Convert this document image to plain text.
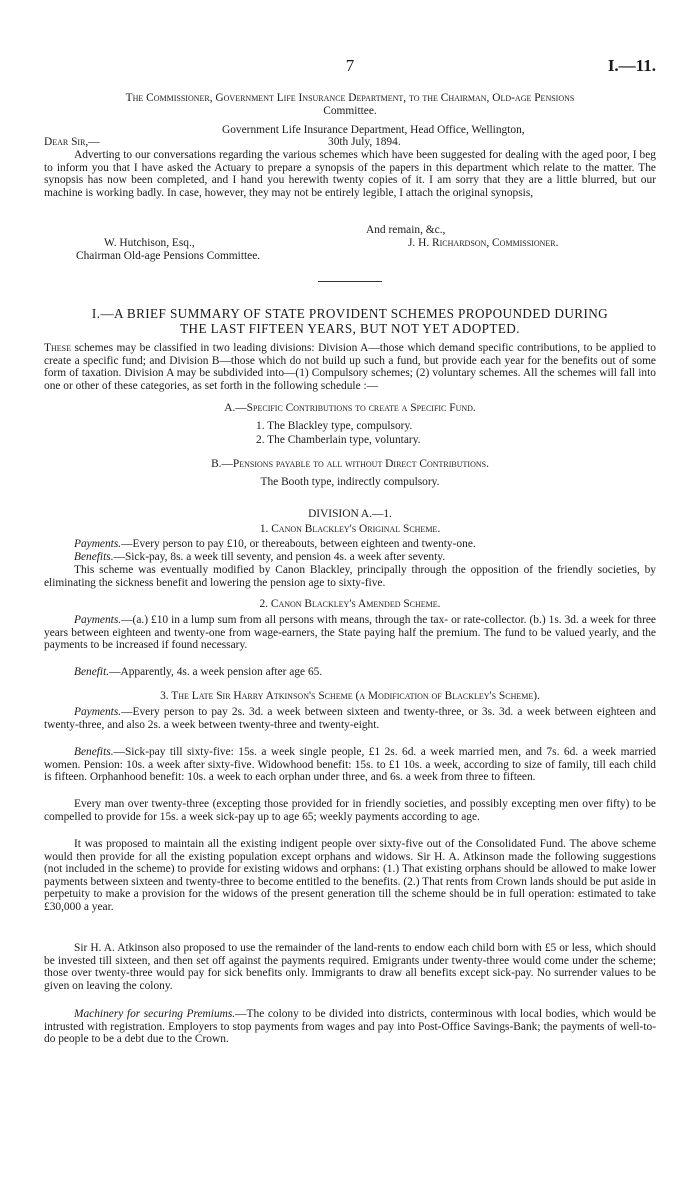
7	I.—11.
The Commissioner, Government Life Insurance Department, to the Chairman, Old-age Pensions
Committee.
Government Life Insurance Department, Head Office, Wellington,
Dear Sir,—	30th July, 1894.
Adverting to our conversations regarding the various schemes which have been suggested for dealing with the aged poor, I beg to inform you that I have asked the Actuary to prepare a synopsis of the papers in this department which relate to the matter. The synopsis has now been completed, and I hand you herewith twenty copies of it. I am sorry that they are a little blurred, but our machine is working badly. In case, however, they may not be entirely legible, I attach the original synopsis,
And remain, &c.,
W. Hutchison, Esq.,	J. H. Richardson, Commissioner.
Chairman Old-age Pensions Committee.
I.—A BRIEF SUMMARY OF STATE PROVIDENT SCHEMES PROPOUNDED DURING
THE LAST FIFTEEN YEARS, BUT NOT YET ADOPTED.
These schemes may be classified in two leading divisions: Division A—those which demand specific contributions, to be applied to create a specific fund; and Division B—those which do not build up such a fund, but provide each year for the benefits out of some form of taxation. Division A may be subdivided into—(1) Compulsory schemes; (2) voluntary schemes. All the schemes will fall into one or other of these categories, as set forth in the following schedule :—
A.—Specific Contributions to create a Specific Fund.
1. The Blackley type, compulsory.
2. The Chamberlain type, voluntary.
B.—Pensions payable to all without Direct Contributions.
The Booth type, indirectly compulsory.
DIVISION A.—1.
1. Canon Blackley's Original Scheme.
Payments.—Every person to pay £10, or thereabouts, between eighteen and twenty-one.
Benefits.—Sick-pay, 8s. a week till seventy, and pension 4s. a week after seventy.
This scheme was eventually modified by Canon Blackley, principally through the opposition of the friendly societies, by eliminating the sickness benefit and lowering the pension age to sixty-five.
2. Canon Blackley's Amended Scheme.
Payments.—(a.) £10 in a lump sum from all persons with means, through the tax- or rate-collector. (b.) 1s. 3d. a week for three years between eighteen and twenty-one from wage-earners, the State paying half the premium. The fund to be valued yearly, and the payments to be increased if found necessary.
Benefit.—Apparently, 4s. a week pension after age 65.
3. The Late Sir Harry Atkinson's Scheme (a Modification of Blackley's Scheme).
Payments.—Every person to pay 2s. 3d. a week between sixteen and twenty-three, or 3s. 3d. a week between eighteen and twenty-three, and also 2s. a week between twenty-three and twenty-eight.
Benefits.—Sick-pay till sixty-five: 15s. a week single people, £1 2s. 6d. a week married men, and 7s. 6d. a week married women. Pension: 10s. a week after sixty-five. Widowhood benefit: 15s. to £1 10s. a week, according to size of family, till each child is fifteen. Orphanhood benefit: 10s. a week to each orphan under three, and 6s. a week from three to fifteen.
Every man over twenty-three (excepting those provided for in friendly societies, and possibly excepting men over fifty) to be compelled to provide for 15s. a week sick-pay up to age 65; weekly payments according to age.
It was proposed to maintain all the existing indigent people over sixty-five out of the Consolidated Fund. The above scheme would then provide for all the existing population except orphans and widows. Sir H. A. Atkinson made the following suggestions (not included in the scheme) to provide for existing widows and orphans: (1.) That existing orphans should be allowed to make lower payments between sixteen and twenty-three to become entitled to the benefits. (2.) That rents from Crown lands should be put aside in perpetuity to make a provision for the widows of the present generation till the scheme should be in full operation: estimated to take £30,000 a year.
Sir H. A. Atkinson also proposed to use the remainder of the land-rents to endow each child born with £5 or less, which should be invested till sixteen, and then set off against the payments required. Emigrants under twenty-three would come under the scheme; those over twenty-three would pay for sick benefits only. Immigrants to draw all benefits except sick-pay. No surrender values to be given on leaving the colony.
Machinery for securing Premiums.—The colony to be divided into districts, conterminous with local bodies, which would be intrusted with registration. Employers to stop payments from wages and pay into Post-Office Savings-Bank; the payments of well-to-do people to be a debt due to the Crown.
